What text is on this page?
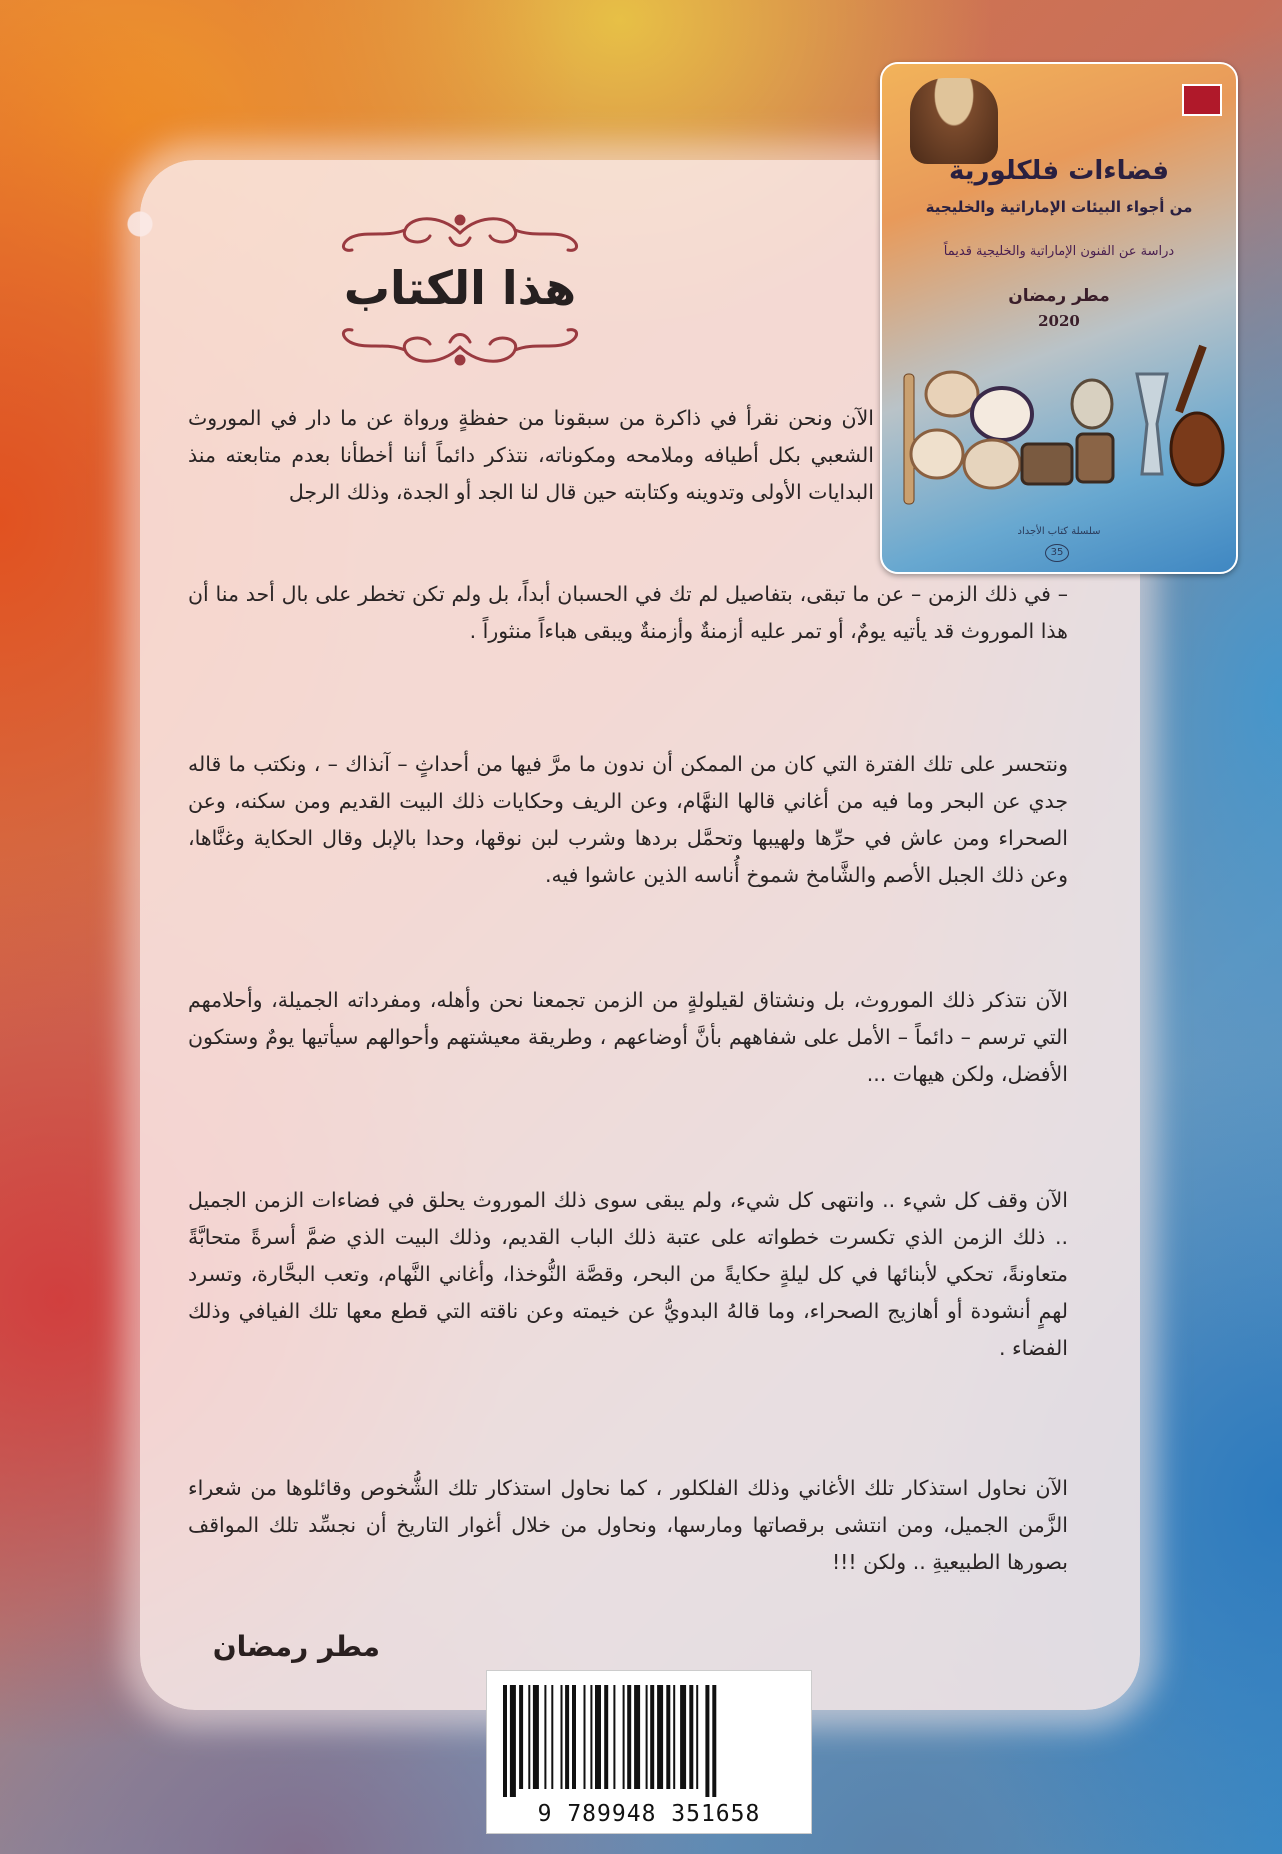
فضاءات فلكلورية
من أجواء البيئات الإماراتية والخليجية
دراسة عن الفنون الإماراتية والخليجية قديماً
مطر رمضان
2020
سلسلة كتاب الأجداد
35
هذا الكتاب

الآن ونحن نقرأ في ذاكرة من سبقونا من حفظةٍ ورواة عن ما دار في الموروث الشعبي بكل أطيافه وملامحه ومكوناته، نتذكر دائماً أننا أخطأنا بعدم متابعته منذ البدايات الأولى وتدوينه وكتابته حين قال لنا الجد أو الجدة، وذلك الرجل

– في ذلك الزمن – عن ما تبقى، بتفاصيل لم تك في الحسبان أبداً، بل ولم تكن تخطر على بال أحد منا أن هذا الموروث قد يأتيه يومٌ، أو تمر عليه أزمنةٌ وأزمنةٌ ويبقى هباءاً منثوراً .

ونتحسر على تلك الفترة التي كان من الممكن أن ندون ما مرَّ فيها من أحداثٍ – آنذاك – ، ونكتب ما قاله جدي عن البحر وما فيه من أغاني قالها النهَّام، وعن الريف وحكايات ذلك البيت القديم ومن سكنه، وعن الصحراء ومن عاش في حرِّها ولهيبها وتحمَّل بردها وشرب لبن نوقها، وحدا بالإبل وقال الحكاية وغنَّاها، وعن ذلك الجبل الأصم والشَّامخ شموخ أُناسه الذين عاشوا فيه.

الآن نتذكر ذلك الموروث، بل ونشتاق لقيلولةٍ من الزمن تجمعنا نحن وأهله، ومفرداته الجميلة، وأحلامهم التي ترسم – دائماً – الأمل على شفاههم بأنَّ أوضاعهم ، وطريقة معيشتهم وأحوالهم سيأتيها يومٌ وستكون الأفضل، ولكن هيهات ...

الآن وقف كل شيء .. وانتهى كل شيء، ولم يبقى سوى ذلك الموروث يحلق في فضاءات الزمن الجميل .. ذلك الزمن الذي تكسرت خطواته على عتبة ذلك الباب القديم، وذلك البيت الذي ضمَّ أسرةً متحابَّةً متعاونةً، تحكي لأبنائها في كل ليلةٍ حكايةً من البحر، وقصَّة النُّوخذا، وأغاني النَّهام، وتعب البحَّارة، وتسرد لهمٍ أنشودة أو أهازيج الصحراء، وما قالهُ البدويُّ عن خيمته وعن ناقته التي قطع معها تلك الفيافي وذلك الفضاء .

الآن نحاول استذكار تلك الأغاني وذلك الفلكلور ، كما نحاول استذكار تلك الشُّخوص وقائلوها من شعراء الزَّمن الجميل، ومن انتشى برقصاتها ومارسها، ونحاول من خلال أغوار التاريخ أن نجسِّد تلك المواقف بصورها الطبيعيةِ .. ولكن !!!

مطر رمضان
9 789948 351658
